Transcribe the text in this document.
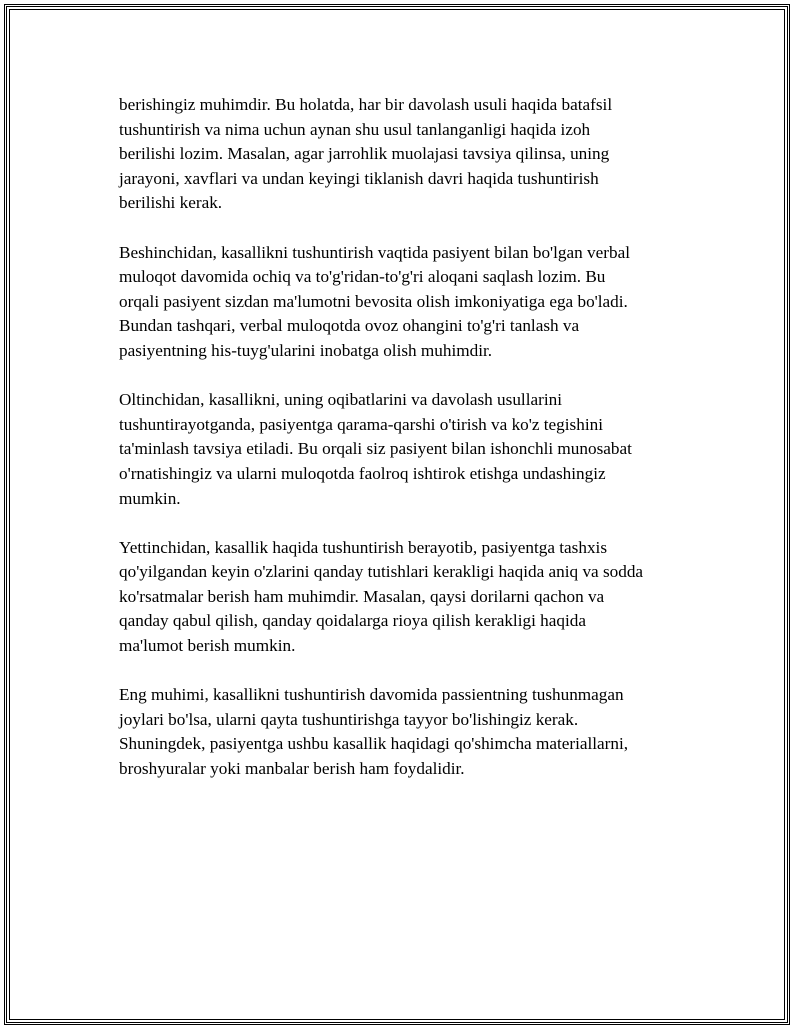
berishingiz muhimdir. Bu holatda, har bir davolash usuli haqida batafsil
tushuntirish va nima uchun aynan shu usul tanlanganligi haqida izoh
berilishi lozim. Masalan, agar jarrohlik muolajasi tavsiya qilinsa, uning
jarayoni, xavflari va undan keyingi tiklanish davri haqida tushuntirish
berilishi kerak.

Beshinchidan, kasallikni tushuntirish vaqtida pasiyent bilan bo'lgan verbal
muloqot davomida ochiq va to'g'ridan-to'g'ri aloqani saqlash lozim. Bu
orqali pasiyent sizdan ma'lumotni bevosita olish imkoniyatiga ega bo'ladi.
Bundan tashqari, verbal muloqotda ovoz ohangini to'g'ri tanlash va
pasiyentning his-tuyg'ularini inobatga olish muhimdir.

Oltinchidan, kasallikni, uning oqibatlarini va davolash usullarini
tushuntirayotganda, pasiyentga qarama-qarshi o'tirish va ko'z tegishini
ta'minlash tavsiya etiladi. Bu orqali siz pasiyent bilan ishonchli munosabat
o'rnatishingiz va ularni muloqotda faolroq ishtirok etishga undashingiz
mumkin.

Yettinchidan, kasallik haqida tushuntirish berayotib, pasiyentga tashxis
qo'yilgandan keyin o'zlarini qanday tutishlari kerakligi haqida aniq va sodda
ko'rsatmalar berish ham muhimdir. Masalan, qaysi dorilarni qachon va
qanday qabul qilish, qanday qoidalarga rioya qilish kerakligi haqida
ma'lumot berish mumkin.

Eng muhimi, kasallikni tushuntirish davomida passientning tushunmagan
joylari bo'lsa, ularni qayta tushuntirishga tayyor bo'lishingiz kerak.
Shuningdek, pasiyentga ushbu kasallik haqidagi qo'shimcha materiallarni,
broshyuralar yoki manbalar berish ham foydalidir.
